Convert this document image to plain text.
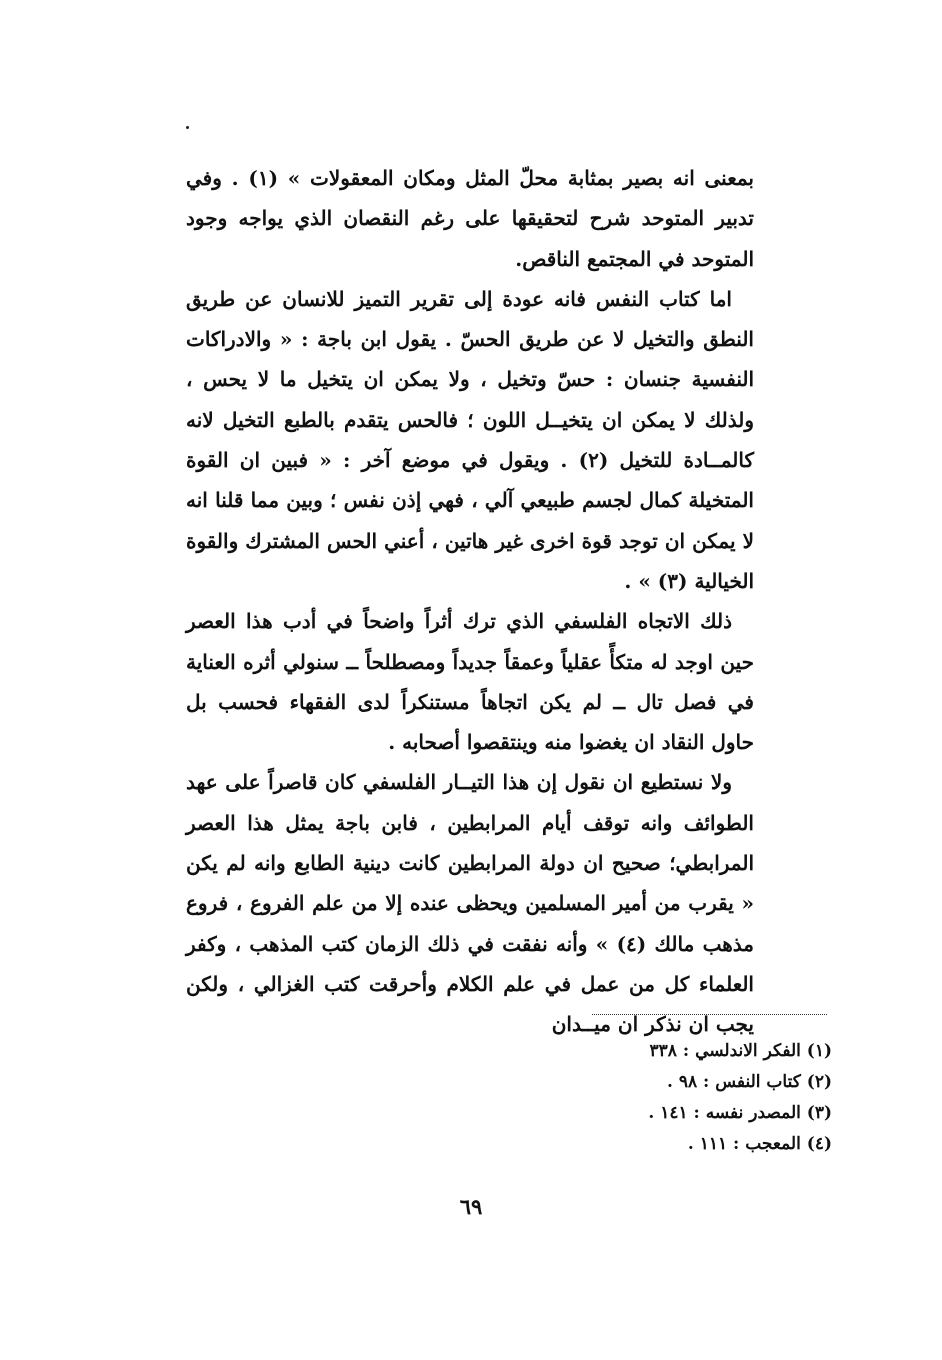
بمعنى انه بصير بمثابة محلّ المثل ومكان المعقولات » (١) . وفي تدبير المتوحد شرح لتحقيقها على رغم النقصان الذي يواجه وجود المتوحد في المجتمع الناقص.

اما كتاب النفس فانه عودة إلى تقرير التميز للانسان عن طريق النطق والتخيل لا عن طريق الحسّ . يقول ابن باجة : « والادراكات النفسية جنسان : حسّ وتخيل ، ولا يمكن ان يتخيل ما لا يحس ، ولذلك لا يمكن ان يتخيــل اللون ؛ فالحس يتقدم بالطبع التخيل لانه كالمــادة للتخيل (٢) . ويقول في موضع آخر : « فبين ان القوة المتخيلة كمال لجسم طبيعي آلي ، فهي إذن نفس ؛ وبين مما قلنا انه لا يمكن ان توجد قوة اخرى غير هاتين ، أعني الحس المشترك والقوة الخيالية (٣) » .

ذلك الاتجاه الفلسفي الذي ترك أثراً واضحاً في أدب هذا العصر حين اوجد له متكأً عقلياً وعمقاً جديداً ومصطلحاً ــ سنولي أثره العناية في فصل تال ــ لم يكن اتجاهاً مستنكراً لدى الفقهاء فحسب بل حاول النقاد ان يغضوا منه وينتقصوا أصحابه .

ولا نستطيع ان نقول إن هذا التيــار الفلسفي كان قاصراً على عهد الطوائف وانه توقف أيام المرابطين ، فابن باجة يمثل هذا العصر المرابطي؛ صحيح ان دولة المرابطين كانت دينية الطابع وانه لم يكن « يقرب من أمير المسلمين ويحظى عنده إلا من علم الفروع ، فروع مذهب مالك (٤) » وأنه نفقت في ذلك الزمان كتب المذهب ، وكفر العلماء كل من عمل في علم الكلام وأحرقت كتب الغزالي ، ولكن يجب ان نذكر ان ميــدان

(١) الفكر الاندلسي : ٣٣٨
(٢) كتاب النفس : ٩٨ .
(٣) المصدر نفسه : ١٤١ .
(٤) المعجب : ١١١ .
٦٩
